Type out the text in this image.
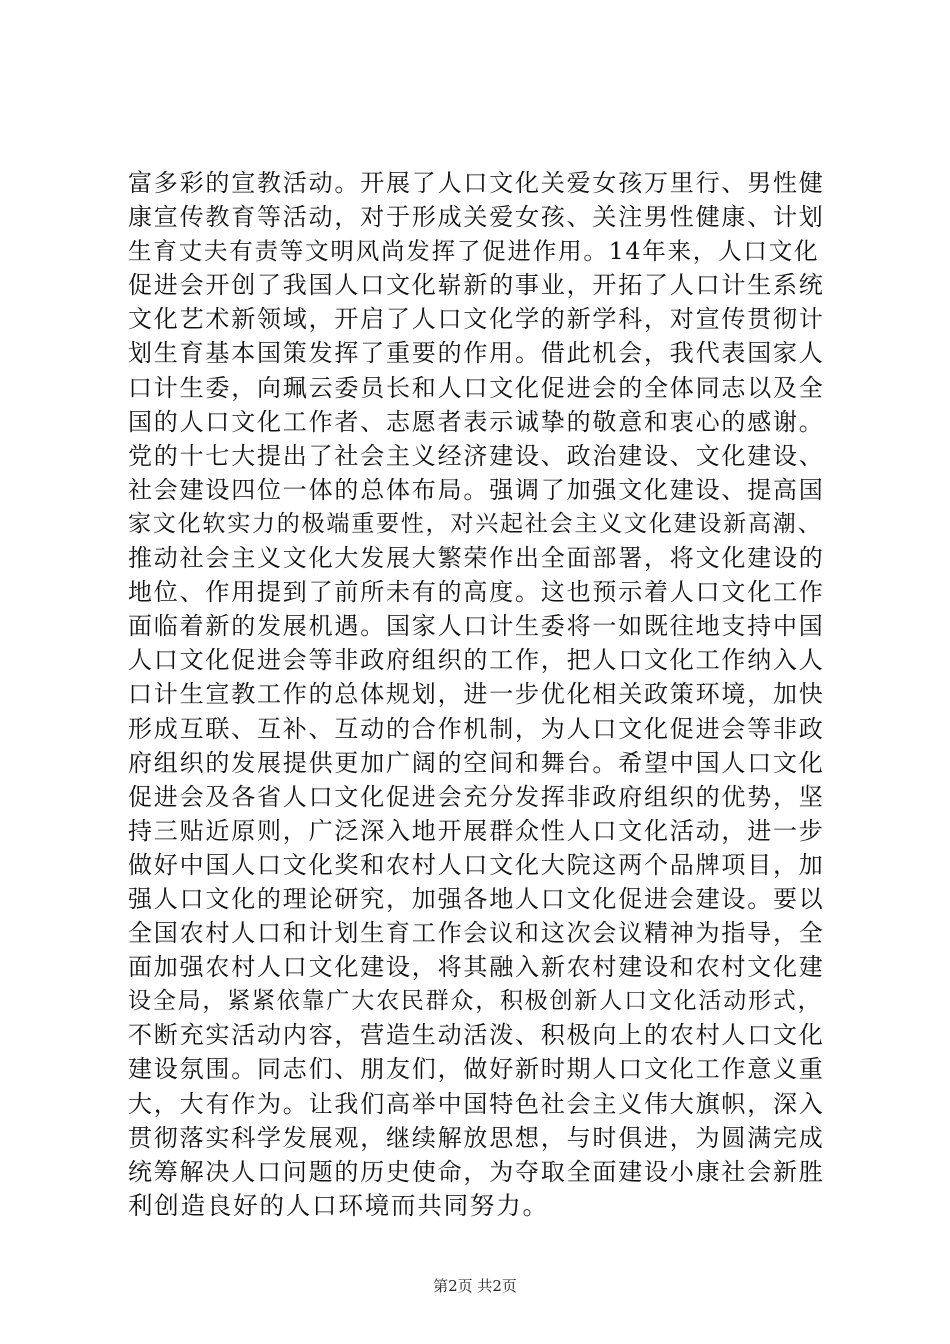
富多彩的宣教活动。开展了人口文化关爱女孩万里行、男性健
康宣传教育等活动，对于形成关爱女孩、关注男性健康、计划
生育丈夫有责等文明风尚发挥了促进作用。14年来，人口文化
促进会开创了我国人口文化崭新的事业，开拓了人口计生系统
文化艺术新领域，开启了人口文化学的新学科，对宣传贯彻计
划生育基本国策发挥了重要的作用。借此机会，我代表国家人
口计生委，向珮云委员长和人口文化促进会的全体同志以及全
国的人口文化工作者、志愿者表示诚挚的敬意和衷心的感谢。
党的十七大提出了社会主义经济建设、政治建设、文化建设、
社会建设四位一体的总体布局。强调了加强文化建设、提高国
家文化软实力的极端重要性，对兴起社会主义文化建设新高潮、
推动社会主义文化大发展大繁荣作出全面部署，将文化建设的
地位、作用提到了前所未有的高度。这也预示着人口文化工作
面临着新的发展机遇。国家人口计生委将一如既往地支持中国
人口文化促进会等非政府组织的工作，把人口文化工作纳入人
口计生宣教工作的总体规划，进一步优化相关政策环境，加快
形成互联、互补、互动的合作机制，为人口文化促进会等非政
府组织的发展提供更加广阔的空间和舞台。希望中国人口文化
促进会及各省人口文化促进会充分发挥非政府组织的优势，坚
持三贴近原则，广泛深入地开展群众性人口文化活动，进一步
做好中国人口文化奖和农村人口文化大院这两个品牌项目，加
强人口文化的理论研究，加强各地人口文化促进会建设。要以
全国农村人口和计划生育工作会议和这次会议精神为指导，全
面加强农村人口文化建设，将其融入新农村建设和农村文化建
设全局，紧紧依靠广大农民群众，积极创新人口文化活动形式，
不断充实活动内容，营造生动活泼、积极向上的农村人口文化
建设氛围。同志们、朋友们，做好新时期人口文化工作意义重
大，大有作为。让我们高举中国特色社会主义伟大旗帜，深入
贯彻落实科学发展观，继续解放思想，与时俱进，为圆满完成
统筹解决人口问题的历史使命，为夺取全面建设小康社会新胜
利创造良好的人口环境而共同努力。
第2页 共2页
